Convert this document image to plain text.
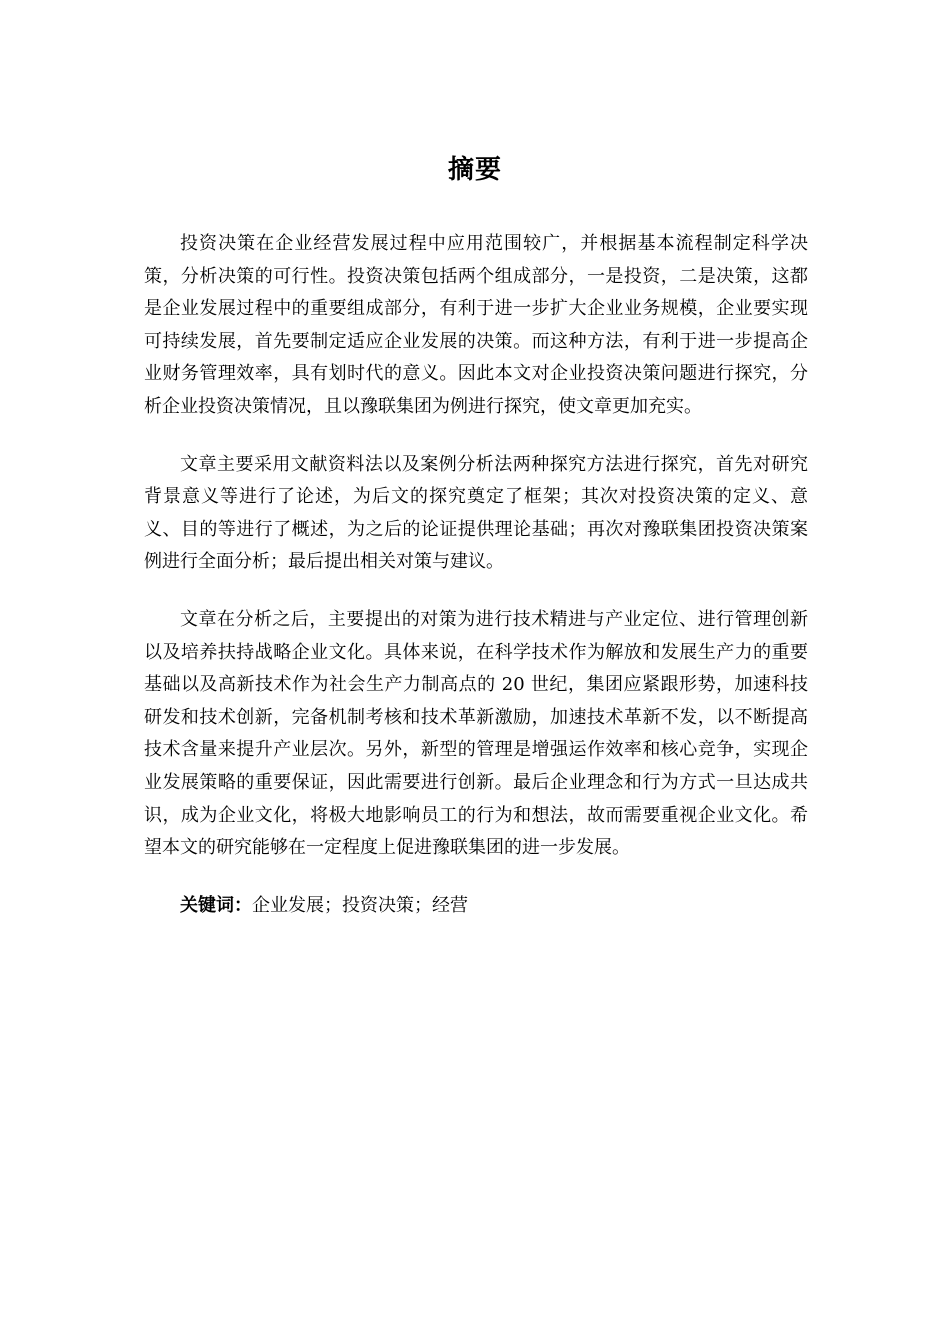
摘要

投资决策在企业经营发展过程中应用范围较广，并根据基本流程制定科学决策，分析决策的可行性。投资决策包括两个组成部分，一是投资，二是决策，这都是企业发展过程中的重要组成部分，有利于进一步扩大企业业务规模，企业要实现可持续发展，首先要制定适应企业发展的决策。而这种方法，有利于进一步提高企业财务管理效率，具有划时代的意义。因此本文对企业投资决策问题进行探究，分析企业投资决策情况，且以豫联集团为例进行探究，使文章更加充实。

文章主要采用文献资料法以及案例分析法两种探究方法进行探究，首先对研究背景意义等进行了论述，为后文的探究奠定了框架；其次对投资决策的定义、意义、目的等进行了概述，为之后的论证提供理论基础；再次对豫联集团投资决策案例进行全面分析；最后提出相关对策与建议。

文章在分析之后，主要提出的对策为进行技术精进与产业定位、进行管理创新以及培养扶持战略企业文化。具体来说，在科学技术作为解放和发展生产力的重要基础以及高新技术作为社会生产力制高点的 20 世纪，集团应紧跟形势，加速科技研发和技术创新，完备机制考核和技术革新激励，加速技术革新不发，以不断提高技术含量来提升产业层次。另外，新型的管理是增强运作效率和核心竞争，实现企业发展策略的重要保证，因此需要进行创新。最后企业理念和行为方式一旦达成共识，成为企业文化，将极大地影响员工的行为和想法，故而需要重视企业文化。希望本文的研究能够在一定程度上促进豫联集团的进一步发展。

关键词：企业发展；投资决策；经营
